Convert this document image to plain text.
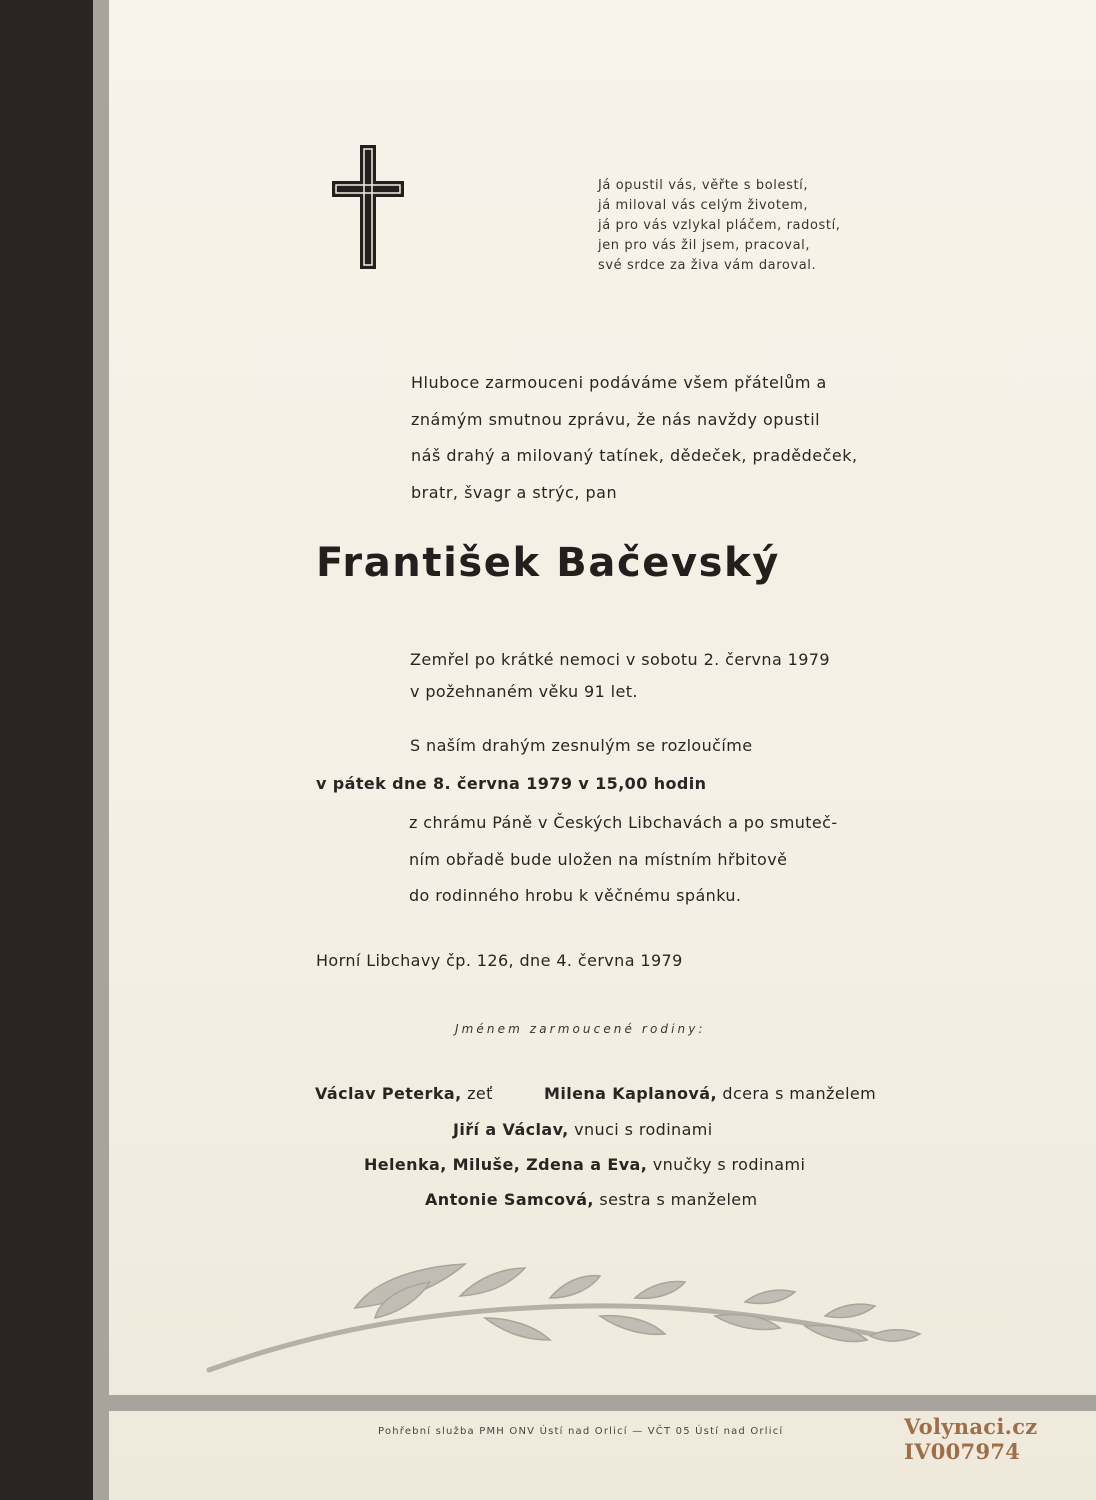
Já opustil vás, věřte s bolestí,
já miloval vás celým životem,
já pro vás vzlykal pláčem, radostí,
jen pro vás žil jsem, pracoval,
své srdce za živa vám daroval.
Hluboce zarmouceni podáváme všem přátelům a
známým smutnou zprávu, že nás navždy opustil
náš drahý a milovaný tatínek, dědeček, pradědeček,
bratr, švagr a strýc, pan
František Bačevský
Zemřel po krátké nemoci v sobotu 2. června 1979
v požehnaném věku 91 let.
S naším drahým zesnulým se rozloučíme
v pátek dne 8. června 1979 v 15,00 hodin
z chrámu Páně v Českých Libchavách a po smuteč-
ním obřadě bude uložen na místním hřbitově
do rodinného hrobu k věčnému spánku.
Horní Libchavy čp. 126, dne 4. června 1979
Jménem zarmoucené rodiny:
Václav Peterka, zeť	Milena Kaplanová, dcera s manželem
Jiří a Václav, vnuci s rodinami
Helenka, Miluše, Zdena a Eva, vnučky s rodinami
Antonie Samcová, sestra s manželem
Pohřební služba PMH ONV Ústí nad Orlicí — VČT 05 Ústí nad Orlicí	Volynaci.cz
IV007974
